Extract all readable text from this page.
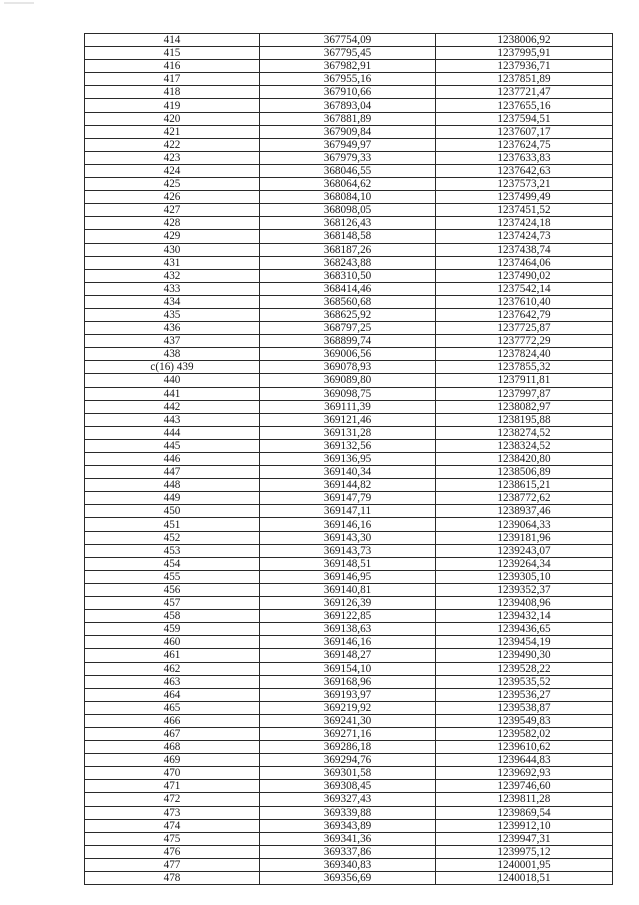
414	367754,09	1238006,92
415	367795,45	1237995,91
416	367982,91	1237936,71
417	367955,16	1237851,89
418	367910,66	1237721,47
419	367893,04	1237655,16
420	367881,89	1237594,51
421	367909,84	1237607,17
422	367949,97	1237624,75
423	367979,33	1237633,83
424	368046,55	1237642,63
425	368064,62	1237573,21
426	368084,10	1237499,49
427	368098,05	1237451,52
428	368126,43	1237424,18
429	368148,58	1237424,73
430	368187,26	1237438,74
431	368243,88	1237464,06
432	368310,50	1237490,02
433	368414,46	1237542,14
434	368560,68	1237610,40
435	368625,92	1237642,79
436	368797,25	1237725,87
437	368899,74	1237772,29
438	369006,56	1237824,40
c(16) 439	369078,93	1237855,32
440	369089,80	1237911,81
441	369098,75	1237997,87
442	369111,39	1238082,97
443	369121,46	1238195,88
444	369131,28	1238274,52
445	369132,56	1238324,52
446	369136,95	1238420,80
447	369140,34	1238506,89
448	369144,82	1238615,21
449	369147,79	1238772,62
450	369147,11	1238937,46
451	369146,16	1239064,33
452	369143,30	1239181,96
453	369143,73	1239243,07
454	369148,51	1239264,34
455	369146,95	1239305,10
456	369140,81	1239352,37
457	369126,39	1239408,96
458	369122,85	1239432,14
459	369138,63	1239436,65
460	369146,16	1239454,19
461	369148,27	1239490,30
462	369154,10	1239528,22
463	369168,96	1239535,52
464	369193,97	1239536,27
465	369219,92	1239538,87
466	369241,30	1239549,83
467	369271,16	1239582,02
468	369286,18	1239610,62
469	369294,76	1239644,83
470	369301,58	1239692,93
471	369308,45	1239746,60
472	369327,43	1239811,28
473	369339,88	1239869,54
474	369343,89	1239912,10
475	369341,36	1239947,31
476	369337,86	1239975,12
477	369340,83	1240001,95
478	369356,69	1240018,51
